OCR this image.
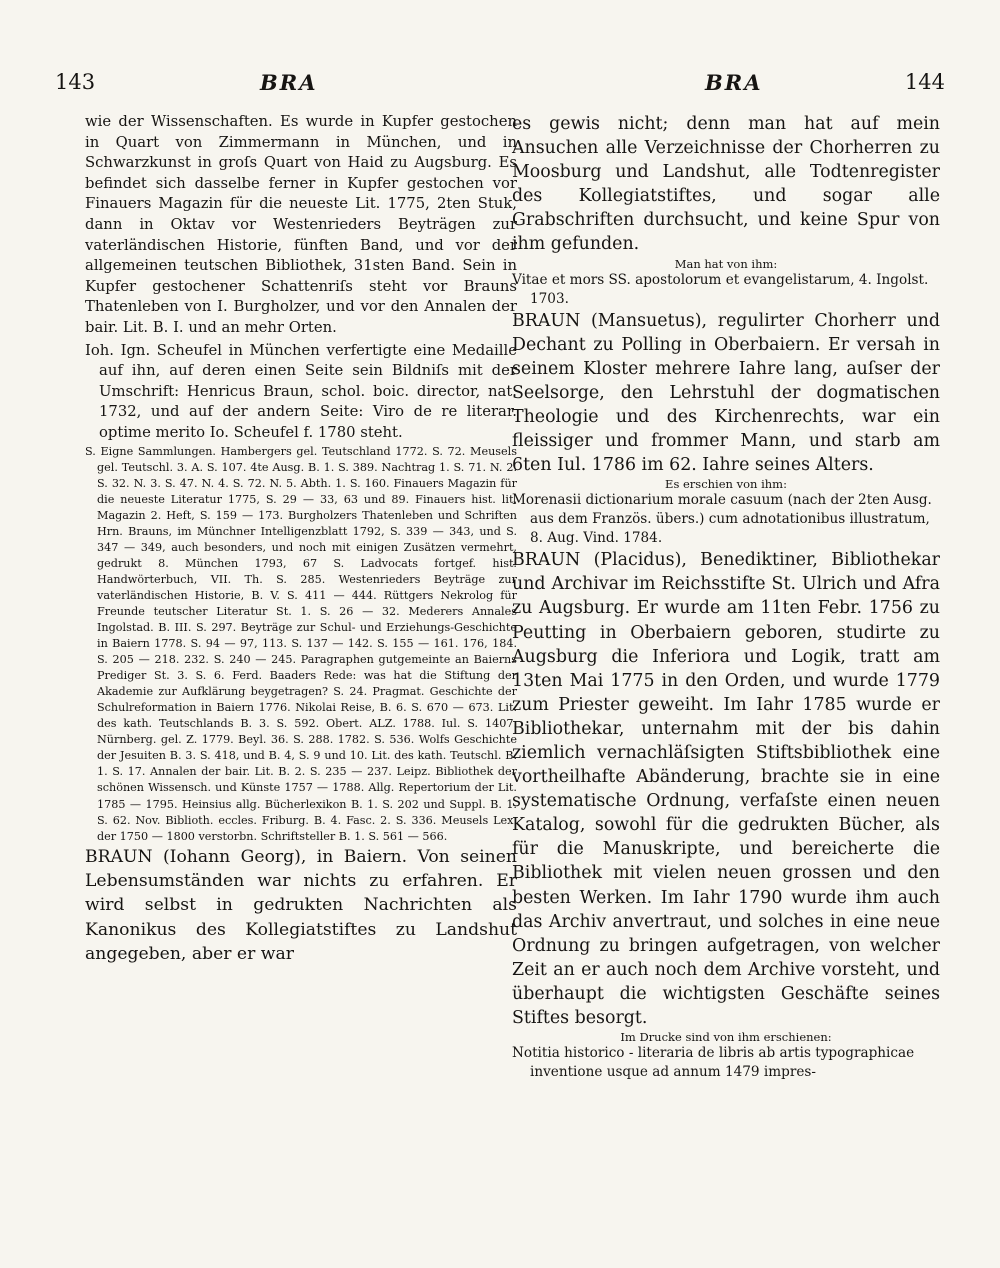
143	BRA	BRA	144

wie der Wissenschaften. Es wurde in Kupfer gestochen in Quart von Zimmermann in München, und in Schwarzkunst in groſs Quart von Haid zu Augsburg. Es befindet sich dasselbe ferner in Kupfer gestochen vor Finauers Magazin für die neueste Lit. 1775, 2ten Stuk, dann in Oktav vor Westenrieders Beyträgen zur vaterländischen Historie, fünften Band, und vor der allgemeinen teutschen Bibliothek, 31sten Band. Sein in Kupfer gestochener Schattenriſs steht vor Brauns Thatenleben von I. Burgholzer, und vor den Annalen der bair. Lit. B. I. und an mehr Orten.

Ioh. Ign. Scheufel in München verfertigte eine Medaille auf ihn, auf deren einen Seite sein Bildniſs mit der Umschrift: Henricus Braun, schol. boic. director, nat. 1732, und auf der andern Seite: Viro de re literar. optime merito Io. Scheufel f. 1780 steht.

S. Eigne Sammlungen. Hambergers gel. Teutschland 1772. S. 72. Meusels gel. Teutschl. 3. A. S. 107. 4te Ausg. B. 1. S. 389. Nachtrag 1. S. 71. N. 2. S. 32. N. 3. S. 47. N. 4. S. 72. N. 5. Abth. 1. S. 160. Finauers Magazin für die neueste Literatur 1775, S. 29 — 33, 63 und 89. Finauers hist. lit. Magazin 2. Heft, S. 159 — 173. Burgholzers Thatenleben und Schriften Hrn. Brauns, im Münchner Intelligenzblatt 1792, S. 339 — 343, und S. 347 — 349, auch besonders, und noch mit einigen Zusätzen vermehrt, gedrukt 8. München 1793, 67 S. Ladvocats fortgef. hist. Handwörterbuch, VII. Th. S. 285. Westenrieders Beyträge zur vaterländischen Historie, B. V. S. 411 — 444. Rüttgers Nekrolog für Freunde teutscher Literatur St. 1. S. 26 — 32. Mederers Annales Ingolstad. B. III. S. 297. Beyträge zur Schul- und Erziehungs-Geschichte in Baiern 1778. S. 94 — 97, 113. S. 137 — 142. S. 155 — 161. 176, 184. S. 205 — 218. 232. S. 240 — 245. Paragraphen gutgemeinte an Baierns Prediger St. 3. S. 6. Ferd. Baaders Rede: was hat die Stiftung der Akademie zur Aufklärung beygetragen? S. 24. Pragmat. Geschichte der Schulreformation in Baiern 1776. Nikolai Reise, B. 6. S. 670 — 673. Lit. des kath. Teutschlands B. 3. S. 592. Obert. ALZ. 1788. Iul. S. 1407. Nürnberg. gel. Z. 1779. Beyl. 36. S. 288. 1782. S. 536. Wolfs Geschichte der Jesuiten B. 3. S. 418, und B. 4, S. 9 und 10. Lit. des kath. Teutschl. B. 1. S. 17. Annalen der bair. Lit. B. 2. S. 235 — 237. Leipz. Bibliothek der schönen Wissensch. und Künste 1757 — 1788. Allg. Repertorium der Lit. 1785 — 1795. Heinsius allg. Bücherlexikon B. 1. S. 202 und Suppl. B. 1. S. 62. Nov. Biblioth. eccles. Friburg. B. 4. Fasc. 2. S. 336. Meusels Lex. der 1750 — 1800 verstorbn. Schriftsteller B. 1. S. 561 — 566.

BRAUN (Iohann Georg), in Baiern. Von seinen Lebensumständen war nichts zu erfahren. Er wird selbst in gedrukten Nachrichten als Kanonikus des Kollegiatstiftes zu Landshut angegeben, aber er war

es gewis nicht; denn man hat auf mein Ansuchen alle Verzeichnisse der Chorherren zu Moosburg und Landshut, alle Todtenregister des Kollegiatstiftes, und sogar alle Grabschriften durchsucht, und keine Spur von ihm gefunden.

Man hat von ihm:

Vitae et mors SS. apostolorum et evangelistarum, 4. Ingolst. 1703.

BRAUN (Mansuetus), regulirter Chorherr und Dechant zu Polling in Oberbaiern. Er versah in seinem Kloster mehrere Iahre lang, auſser der Seelsorge, den Lehrstuhl der dogmatischen Theologie und des Kirchenrechts, war ein fleissiger und frommer Mann, und starb am 6ten Iul. 1786 im 62. Iahre seines Alters.

Es erschien von ihm:

Morenasii dictionarium morale casuum (nach der 2ten Ausg. aus dem Französ. übers.) cum adnotationibus illustratum, 8. Aug. Vind. 1784.

BRAUN (Placidus), Benediktiner, Bibliothekar und Archivar im Reichsstifte St. Ulrich und Afra zu Augsburg. Er wurde am 11ten Febr. 1756 zu Peutting in Oberbaiern geboren, studirte zu Augsburg die Inferiora und Logik, tratt am 13ten Mai 1775 in den Orden, und wurde 1779 zum Priester geweiht. Im Iahr 1785 wurde er Bibliothekar, unternahm mit der bis dahin ziemlich vernachläſsigten Stiftsbibliothek eine vortheilhafte Abänderung, brachte sie in eine systematische Ordnung, verfaſste einen neuen Katalog, sowohl für die gedrukten Bücher, als für die Manuskripte, und bereicherte die Bibliothek mit vielen neuen grossen und den besten Werken. Im Iahr 1790 wurde ihm auch das Archiv anvertraut, und solches in eine neue Ordnung zu bringen aufgetragen, von welcher Zeit an er auch noch dem Archive vorsteht, und überhaupt die wichtigsten Geschäfte seines Stiftes besorgt.

Im Drucke sind von ihm erschienen:

Notitia historico - literaria de libris ab artis typographicae inventione usque ad annum 1479 impres-
